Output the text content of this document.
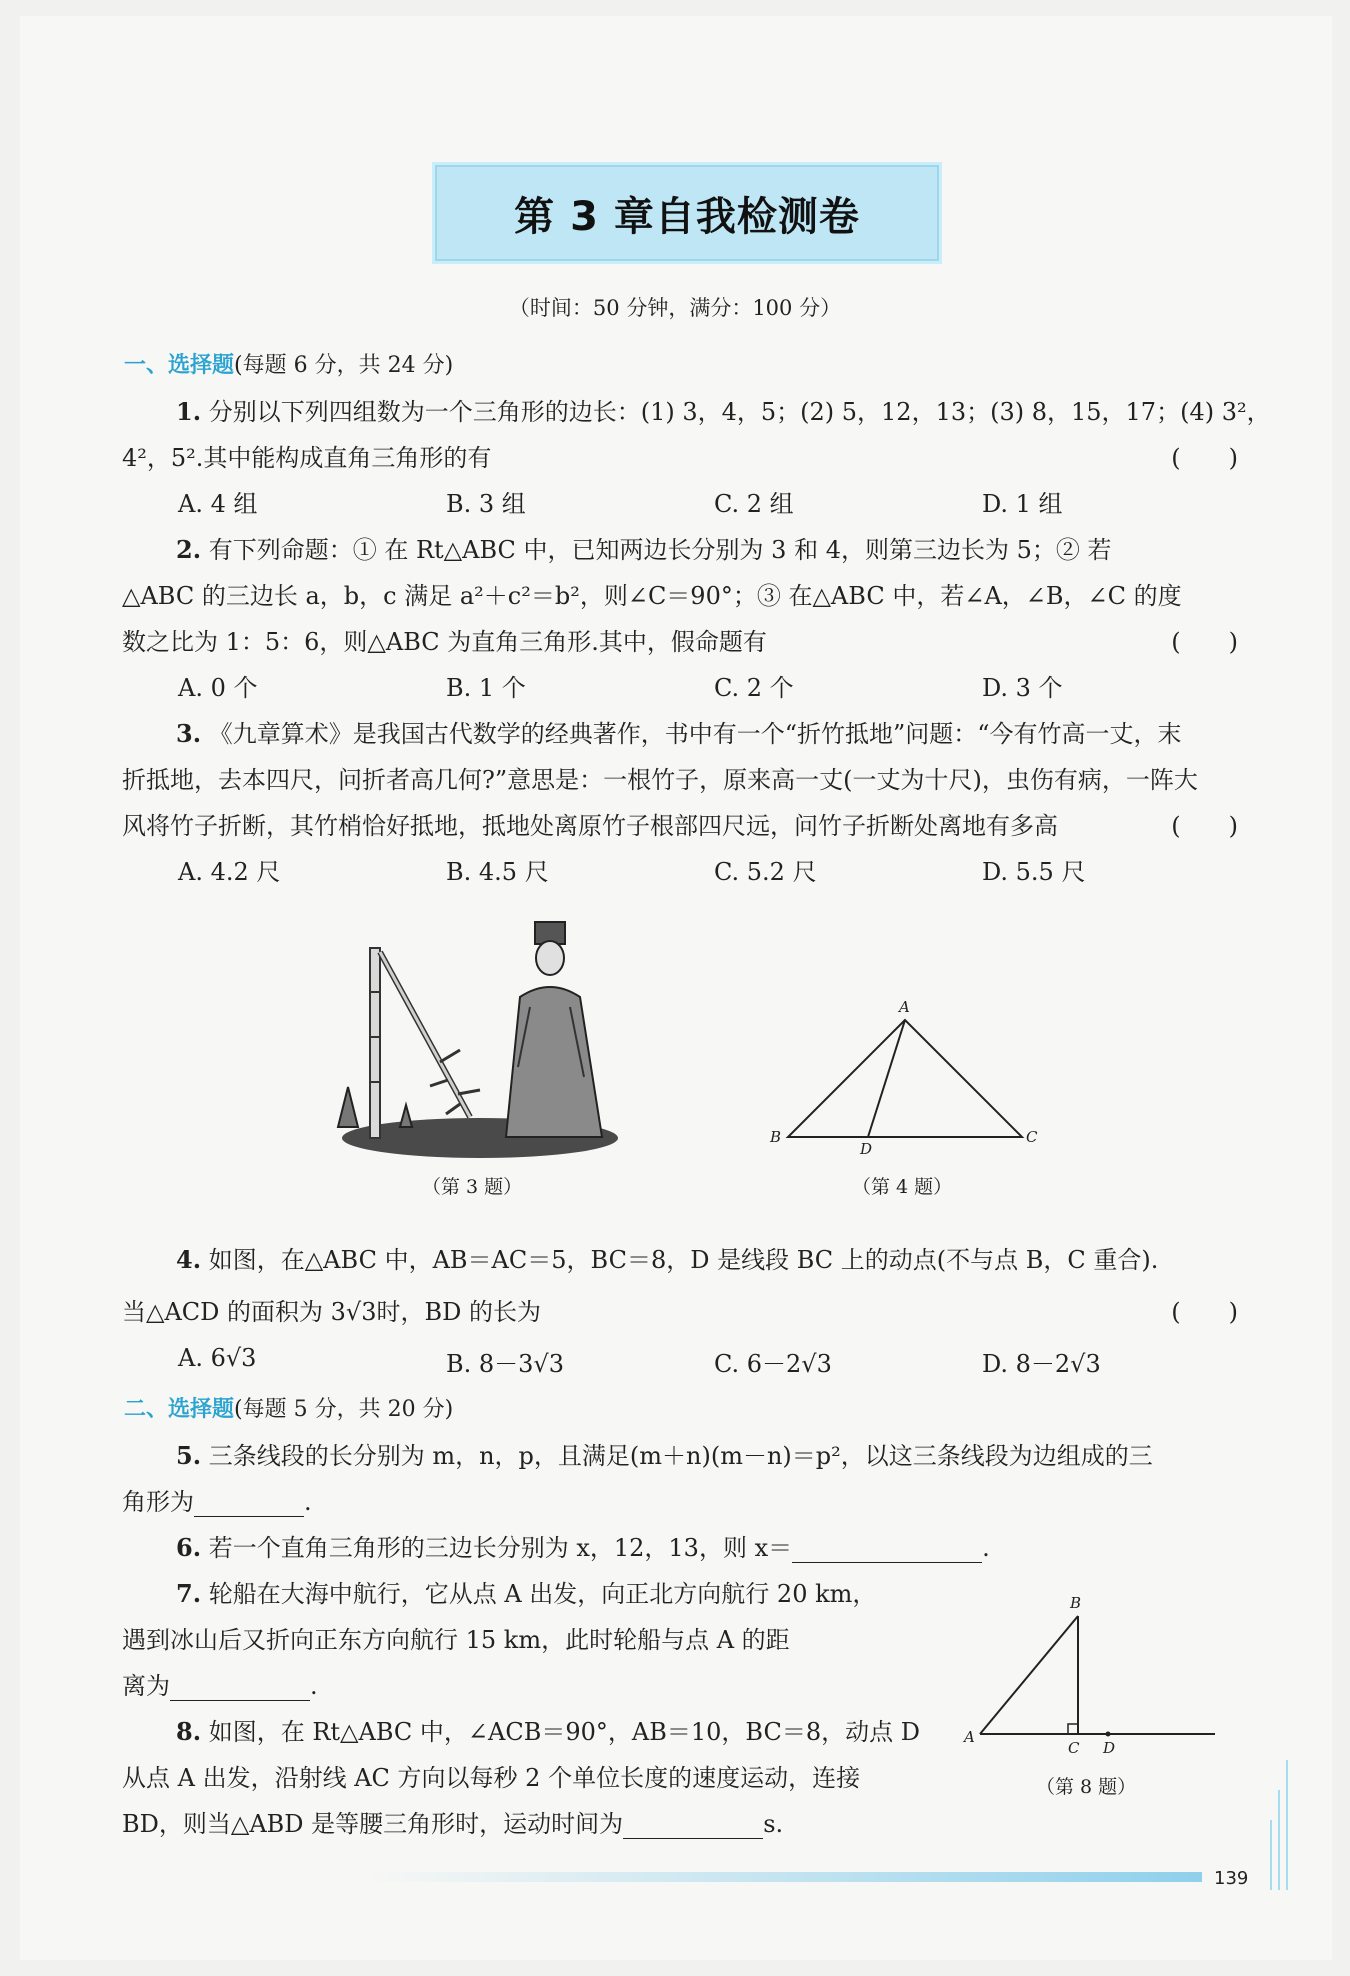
第 3 章自我检测卷
（时间：50 分钟，满分：100 分）
一、选择题(每题 6 分，共 24 分)
1. 分别以下列四组数为一个三角形的边长：(1) 3，4，5；(2) 5，12，13；(3) 8，15，17；(4) 3²，
4²，5².其中能构成直角三角形的有	(　　)
A. 4 组	B. 3 组	C. 2 组	D. 1 组
2. 有下列命题：① 在 Rt△ABC 中，已知两边长分别为 3 和 4，则第三边长为 5；② 若
△ABC 的三边长 a，b，c 满足 a²＋c²＝b²，则∠C＝90°；③ 在△ABC 中，若∠A，∠B，∠C 的度
数之比为 1：5：6，则△ABC 为直角三角形.其中，假命题有	(　　)
A. 0 个	B. 1 个	C. 2 个	D. 3 个
3. 《九章算术》是我国古代数学的经典著作，书中有一个“折竹抵地”问题：“今有竹高一丈，末
折抵地，去本四尺，问折者高几何?”意思是：一根竹子，原来高一丈(一丈为十尺)，虫伤有病，一阵大
风将竹子折断，其竹梢恰好抵地，抵地处离原竹子根部四尺远，问竹子折断处离地有多高	(　　)
A. 4.2 尺	B. 4.5 尺	C. 5.2 尺	D. 5.5 尺
（第 3 题）
A
B	C
D
（第 4 题）
4. 如图，在△ABC 中，AB＝AC＝5，BC＝8，D 是线段 BC 上的动点(不与点 B，C 重合).
当△ACD 的面积为 3√3时，BD 的长为	(　　)
A. 6√3	B. 8－3√3	C. 6－2√3	D. 8－2√3
二、选择题(每题 5 分，共 20 分)
5. 三条线段的长分别为 m，n，p，且满足(m＋n)(m－n)＝p²，以这三条线段为边组成的三
角形为	.
6. 若一个直角三角形的三边长分别为 x，12，13，则 x＝	.
7. 轮船在大海中航行，它从点 A 出发，向正北方向航行 20 km，
遇到冰山后又折向正东方向航行 15 km，此时轮船与点 A 的距
离为	.
A
B
C D
8. 如图，在 Rt△ABC 中，∠ACB＝90°，AB＝10，BC＝8，动点 D
从点 A 出发，沿射线 AC 方向以每秒 2 个单位长度的速度运动，连接
BD，则当△ABD 是等腰三角形时，运动时间为	s.
（第 8 题）
139
